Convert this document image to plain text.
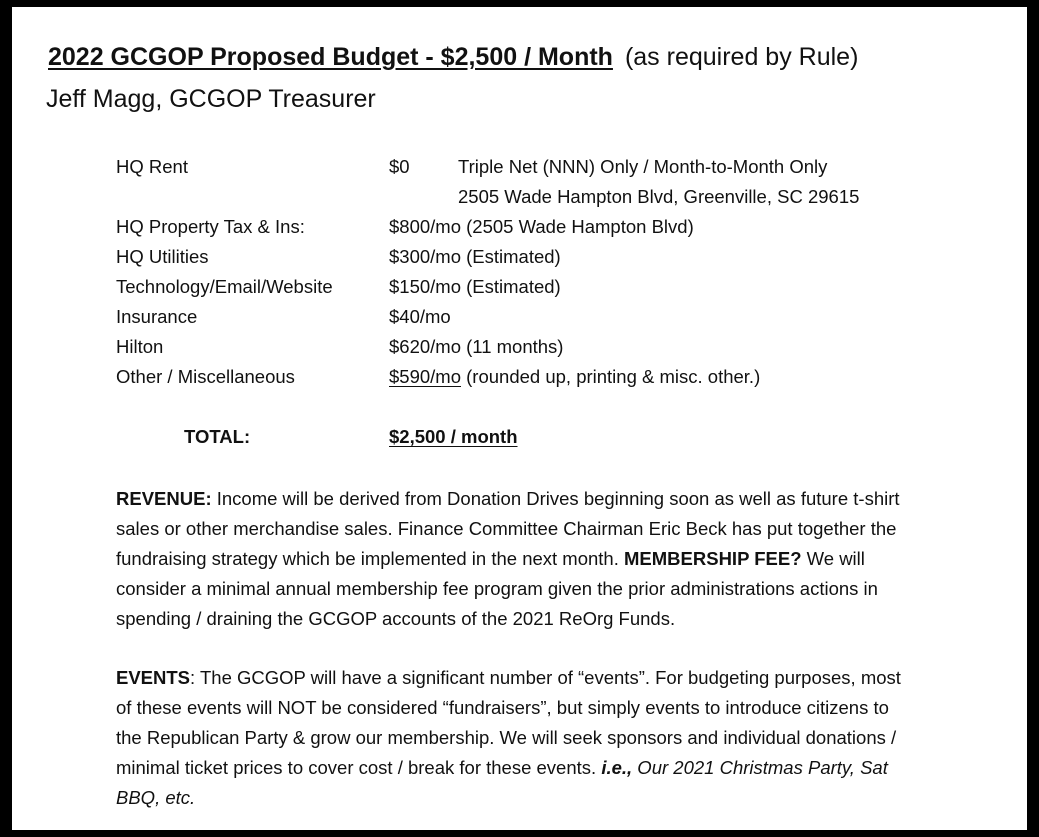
2022 GCGOP Proposed Budget - $2,500 / Month (as required by Rule)
Jeff Magg, GCGOP Treasurer
HQ Rent	$0	Triple Net (NNN) Only / Month-to-Month Only
2505 Wade Hampton Blvd, Greenville, SC 29615
HQ Property Tax & Ins:	$800/mo (2505 Wade Hampton Blvd)
HQ Utilities	$300/mo (Estimated)
Technology/Email/Website	$150/mo (Estimated)
Insurance	$40/mo
Hilton	$620/mo (11 months)
Other / Miscellaneous	$590/mo (rounded up, printing & misc. other.)
TOTAL:	$2,500 / month
REVENUE: Income will be derived from Donation Drives beginning soon as well as future t-shirt
sales or other merchandise sales. Finance Committee Chairman Eric Beck has put together the
fundraising strategy which be implemented in the next month. MEMBERSHIP FEE? We will
consider a minimal annual membership fee program given the prior administrations actions in
spending / draining the GCGOP accounts of the 2021 ReOrg Funds.
EVENTS: The GCGOP will have a significant number of “events”. For budgeting purposes, most
of these events will NOT be considered “fundraisers”, but simply events to introduce citizens to
the Republican Party & grow our membership. We will seek sponsors and individual donations /
minimal ticket prices to cover cost / break for these events. i.e., Our 2021 Christmas Party, Sat
BBQ, etc.
